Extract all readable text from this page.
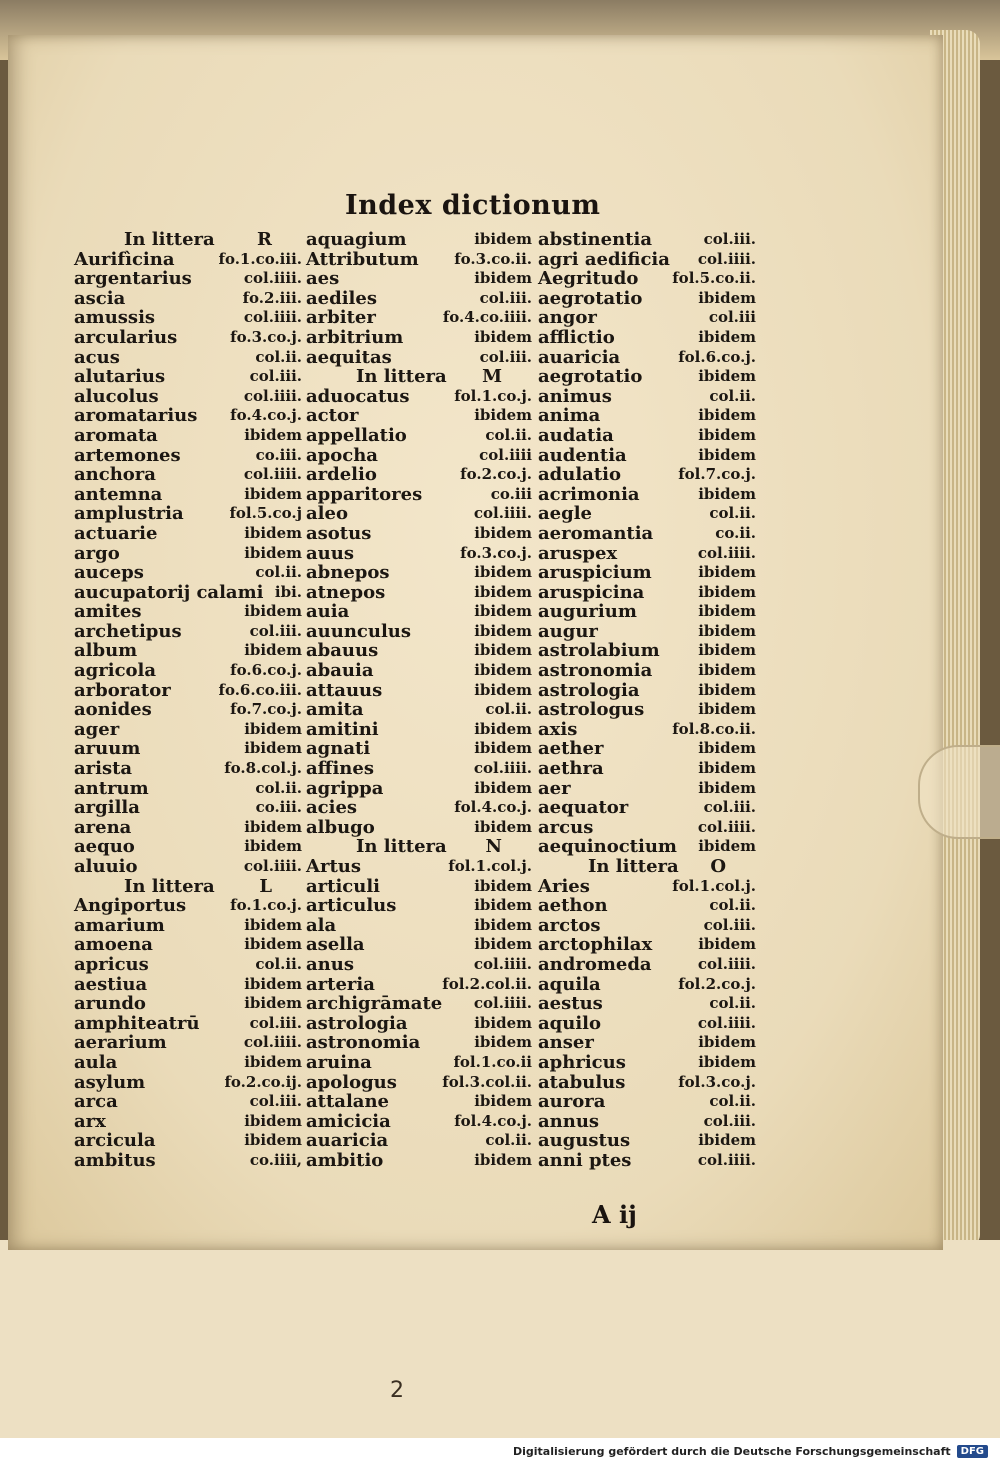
Index dictionum
In littera R
Aurifìcina	fo.1.co.iii.
argentarius	col.iiii.
ascia	fo.2.iii.
amussis	col.iiii.
arcularius	fo.3.co.j.
acus	col.ii.
alutarius	col.iii.
alucolus	col.iiii.
aromatarius fo.4.co.j.
aromata	ibidem
artemones	co.iii.
anchora	col.iiii.
antemna	ibidem
amplustria	fol.5.co.j
actuarie	ibidem
argo	ibidem
auceps	col.ii.
aucupatorij calami ibi.
amites	ibidem
archetipus	col.iii.
album	ibidem
agricola	fo.6.co.j.
arborator	fo.6.co.iii.
aonides	fo.7.co.j.
ager	ibidem
aruum	ibidem
arista	fo.8.col.j.
antrum	col.ii.
argilla	co.iii.
arena	ibidem
aequo	ibidem
aluuio	col.iiii.
In littera L
Angiportus	fo.1.co.j.
amarium	ibidem
amoena	ibidem
apricus	col.ii.
aestiua	ibidem
arundo	ibidem
amphiteatrū	col.iii.
aerarium	col.iiii.
aula	ibidem
asylum	fo.2.co.ij.
arca	col.iii.
arx	ibidem
arcicula	ibidem
ambitus	co.iiii,
aquagium	ibidem
Attributum fo.3.co.ii.
aes	ibidem
aediles	col.iii.
arbiter	fo.4.co.iiii.
arbitrium	ibidem
aequitas	col.iii.
In littera M
aduocatus	fol.1.co.j.
actor	ibidem
appellatio	col.ii.
apocha	col.iiii
ardelio	fo.2.co.j.
apparitores	co.iii
aleo	col.iiii.
asotus	ibidem
auus	fo.3.co.j.
abnepos	ibidem
atnepos	ibidem
auia	ibidem
auunculus	ibidem
abauus	ibidem
abauia	ibidem
attauus	ibidem
amita	col.ii.
amitini	ibidem
agnati	ibidem
affines	col.iiii.
agrippa	ibidem
acies	fol.4.co.j.
albugo	ibidem
In littera N
Artus	fol.1.col.j.
articuli	ibidem
articulus	ibidem
ala	ibidem
asella	ibidem
anus	col.iiii.
arteria	fol.2.col.ii.
archigrāmate col.iiii.
astrologia	ibidem
astronomia	ibidem
aruina	fol.1.co.ii
apologus	fol.3.col.ii.
attalane	ibidem
amicicia	fol.4.co.j.
auaricia	col.ii.
ambitio	ibidem
abstinentia	col.iii.
agri aedificia col.iiii.
Aegritudo fol.5.co.ii.
aegrotatio	ibidem
angor	col.iii
afflictio	ibidem
auaricia	fol.6.co.j.
aegrotatio	ibidem
animus	col.ii.
anima	ibidem
audatia	ibidem
audentia	ibidem
adulatio	fol.7.co.j.
acrimonia	ibidem
aegle	col.ii.
aeromantia	co.ii.
aruspex	col.iiii.
aruspicium	ibidem
aruspicina	ibidem
augurium	ibidem
augur	ibidem
astrolabium	ibidem
astronomia	ibidem
astrologia	ibidem
astrologus	ibidem
axis	fol.8.co.ii.
aether	ibidem
aethra	ibidem
aer	ibidem
aequator	col.iii.
arcus	col.iiii.
aequinoctium ibidem
In littera O
Aries	fol.1.col.j.
aethon	col.ii.
arctos	col.iii.
arctophilax	ibidem
andromeda	col.iiii.
aquila	fol.2.co.j.
aestus	col.ii.
aquilo	col.iiii.
anser	ibidem
aphricus	ibidem
atabulus	fol.3.co.j.
aurora	col.ii.
annus	col.iii.
augustus	ibidem
anni ptes	col.iiii.
A ij
2
Digitalisierung gefördert durch die Deutsche Forschungsgemeinschaft	DFG
